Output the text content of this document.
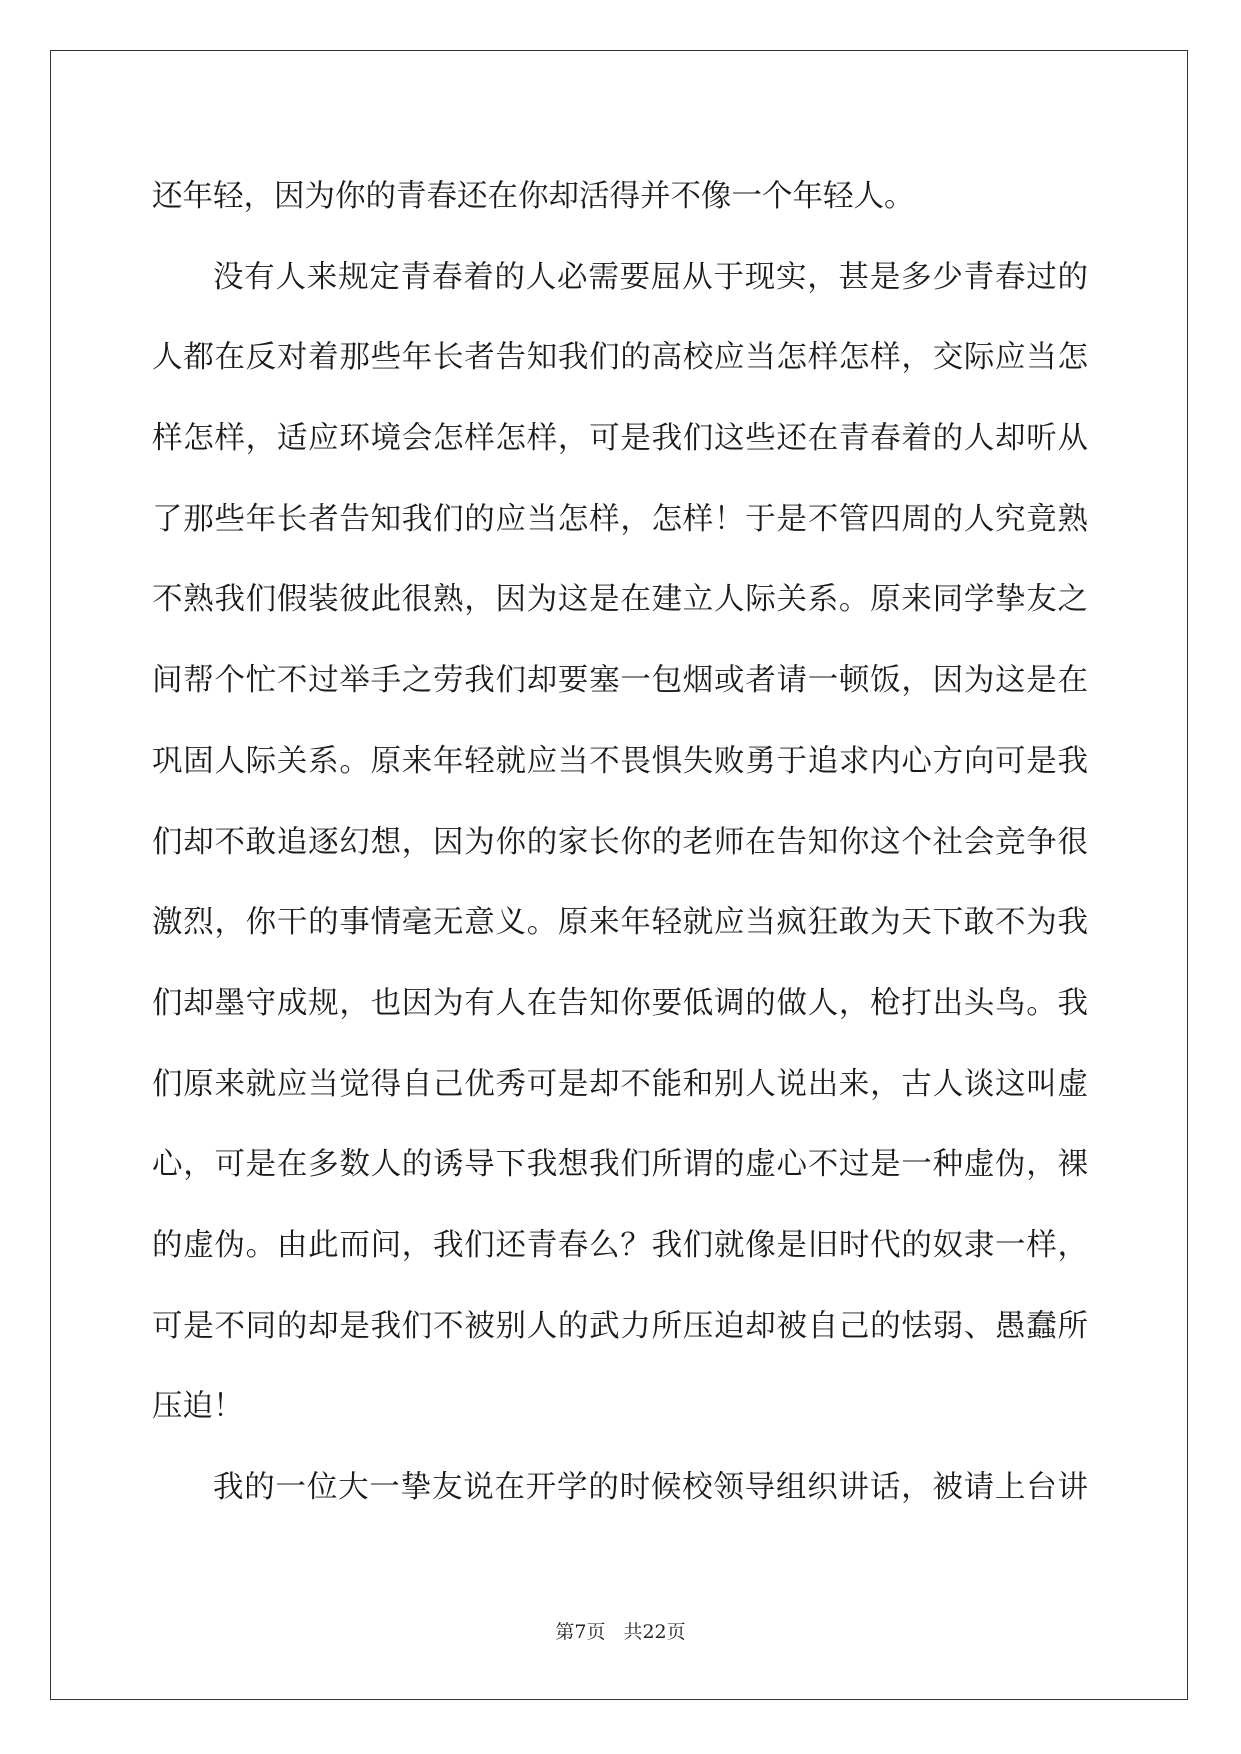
还年轻，因为你的青春还在你却活得并不像一个年轻人。
没有人来规定青春着的人必需要屈从于现实，甚是多少青春过的
人都在反对着那些年长者告知我们的高校应当怎样怎样，交际应当怎
样怎样，适应环境会怎样怎样，可是我们这些还在青春着的人却听从
了那些年长者告知我们的应当怎样，怎样！于是不管四周的人究竟熟
不熟我们假装彼此很熟，因为这是在建立人际关系。原来同学挚友之
间帮个忙不过举手之劳我们却要塞一包烟或者请一顿饭，因为这是在
巩固人际关系。原来年轻就应当不畏惧失败勇于追求内心方向可是我
们却不敢追逐幻想，因为你的家长你的老师在告知你这个社会竞争很
激烈，你干的事情毫无意义。原来年轻就应当疯狂敢为天下敢不为我
们却墨守成规，也因为有人在告知你要低调的做人，枪打出头鸟。我
们原来就应当觉得自己优秀可是却不能和别人说出来，古人谈这叫虚
心，可是在多数人的诱导下我想我们所谓的虚心不过是一种虚伪，裸
的虚伪。由此而问，我们还青春么？我们就像是旧时代的奴隶一样，
可是不同的却是我们不被别人的武力所压迫却被自己的怯弱、愚蠢所
压迫！
我的一位大一挚友说在开学的时候校领导组织讲话，被请上台讲
第7页 共22页
